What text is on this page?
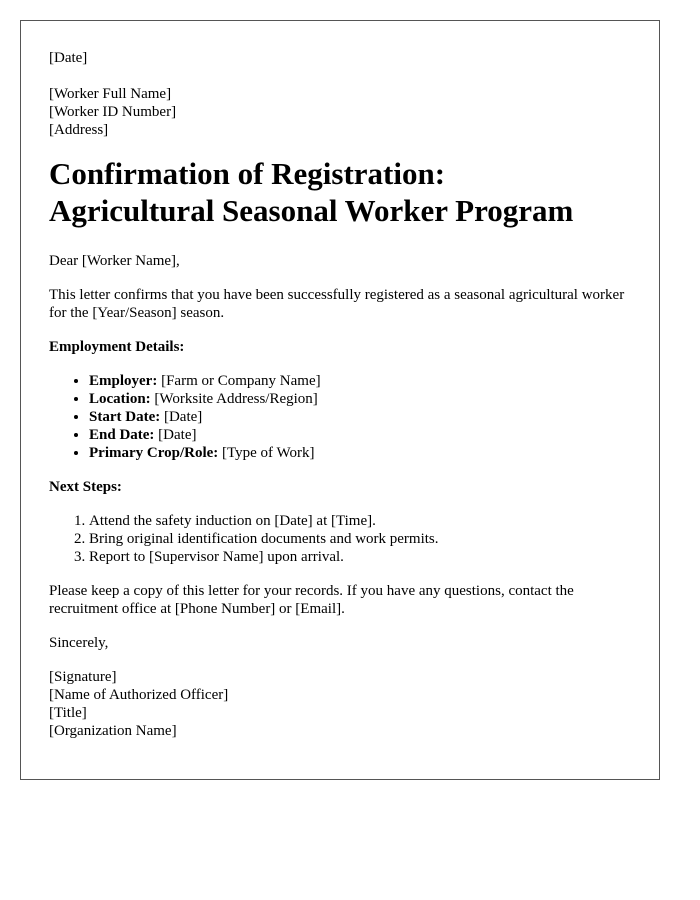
[Date]
[Worker Full Name]
[Worker ID Number]
[Address]
Confirmation of Registration:
Agricultural Seasonal Worker Program

Dear [Worker Name],

This letter confirms that you have been successfully registered as a seasonal agricultural worker for the [Year/Season] season.

Employment Details:
• Employer: [Farm or Company Name]
• Location: [Worksite Address/Region]
• Start Date: [Date]
• End Date: [Date]
• Primary Crop/Role: [Type of Work]
Next Steps:
1. Attend the safety induction on [Date] at [Time].
2. Bring original identification documents and work permits.
3. Report to [Supervisor Name] upon arrival.

Please keep a copy of this letter for your records. If you have any questions, contact the recruitment office at [Phone Number] or [Email].

Sincerely,

[Signature]
[Name of Authorized Officer]
[Title]
[Organization Name]
